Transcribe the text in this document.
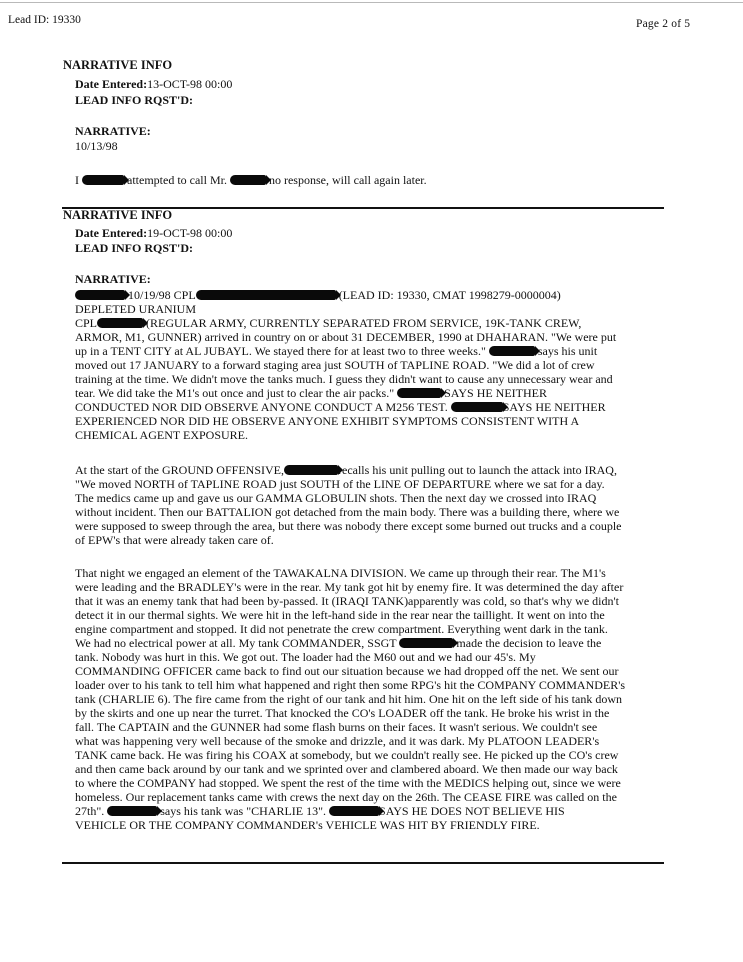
Lead ID: 19330	Page 2 of 5
NARRATIVE INFO
Date Entered:13-OCT-98 00:00
LEAD INFO RQST'D:
NARRATIVE:
10/13/98
I	attempted to call Mr.	no response, will call again later.
NARRATIVE INFO
Date Entered:19-OCT-98 00:00
LEAD INFO RQST'D:
NARRATIVE:
10/19/98 CPL	(LEAD ID: 19330, CMAT 1998279-0000004)
DEPLETED URANIUM
CPL	(REGULAR ARMY, CURRENTLY SEPARATED FROM SERVICE, 19K-TANK CREW,
ARMOR, M1, GUNNER) arrived in country on or about 31 DECEMBER, 1990 at DHAHARAN. "We were put
up in a TENT CITY at AL JUBAYL. We stayed there for at least two to three weeks."	says his unit
moved out 17 JANUARY to a forward staging area just SOUTH of TAPLINE ROAD. "We did a lot of crew
training at the time. We didn't move the tanks much. I guess they didn't want to cause any unnecessary wear and
tear. We did take the M1's out once and just to clear the air packs."	SAYS HE NEITHER
CONDUCTED NOR DID OBSERVE ANYONE CONDUCT A M256 TEST.	SAYS HE NEITHER
EXPERIENCED NOR DID HE OBSERVE ANYONE EXHIBIT SYMPTOMS CONSISTENT WITH A
CHEMICAL AGENT EXPOSURE.
At the start of the GROUND OFFENSIVE,	recalls his unit pulling out to launch the attack into IRAQ,
"We moved NORTH of TAPLINE ROAD just SOUTH of the LINE OF DEPARTURE where we sat for a day.
The medics came up and gave us our GAMMA GLOBULIN shots. Then the next day we crossed into IRAQ
without incident. Then our BATTALION got detached from the main body. There was a building there, where we
were supposed to sweep through the area, but there was nobody there except some burned out trucks and a couple
of EPW's that were already taken care of.
That night we engaged an element of the TAWAKALNA DIVISION. We came up through their rear. The M1's
were leading and the BRADLEY's were in the rear. My tank got hit by enemy fire. It was determined the day after
that it was an enemy tank that had been by-passed. It (IRAQI TANK)apparently was cold, so that's why we didn't
detect it in our thermal sights. We were hit in the left-hand side in the rear near the taillight. It went on into the
engine compartment and stopped. It did not penetrate the crew compartment. Everything went dark in the tank.
We had no electrical power at all. My tank COMMANDER, SSGT	made the decision to leave the
tank. Nobody was hurt in this. We got out. The loader had the M60 out and we had our 45's. My
COMMANDING OFFICER came back to find out our situation because we had dropped off the net. We sent our
loader over to his tank to tell him what happened and right then some RPG's hit the COMPANY COMMANDER's
tank (CHARLIE 6). The fire came from the right of our tank and hit him. One hit on the left side of his tank down
by the skirts and one up near the turret. That knocked the CO's LOADER off the tank. He broke his wrist in the
fall. The CAPTAIN and the GUNNER had some flash burns on their faces. It wasn't serious. We couldn't see
what was happening very well because of the smoke and drizzle, and it was dark. My PLATOON LEADER's
TANK came back. He was firing his COAX at somebody, but we couldn't really see. He picked up the CO's crew
and then came back around by our tank and we sprinted over and clambered aboard. We then made our way back
to where the COMPANY had stopped. We spent the rest of the time with the MEDICS helping out, since we were
homeless. Our replacement tanks came with crews the next day on the 26th. The CEASE FIRE was called on the
27th".	says his tank was "CHARLIE 13".	SAYS HE DOES NOT BELIEVE HIS
VEHICLE OR THE COMPANY COMMANDER's VEHICLE WAS HIT BY FRIENDLY FIRE.
